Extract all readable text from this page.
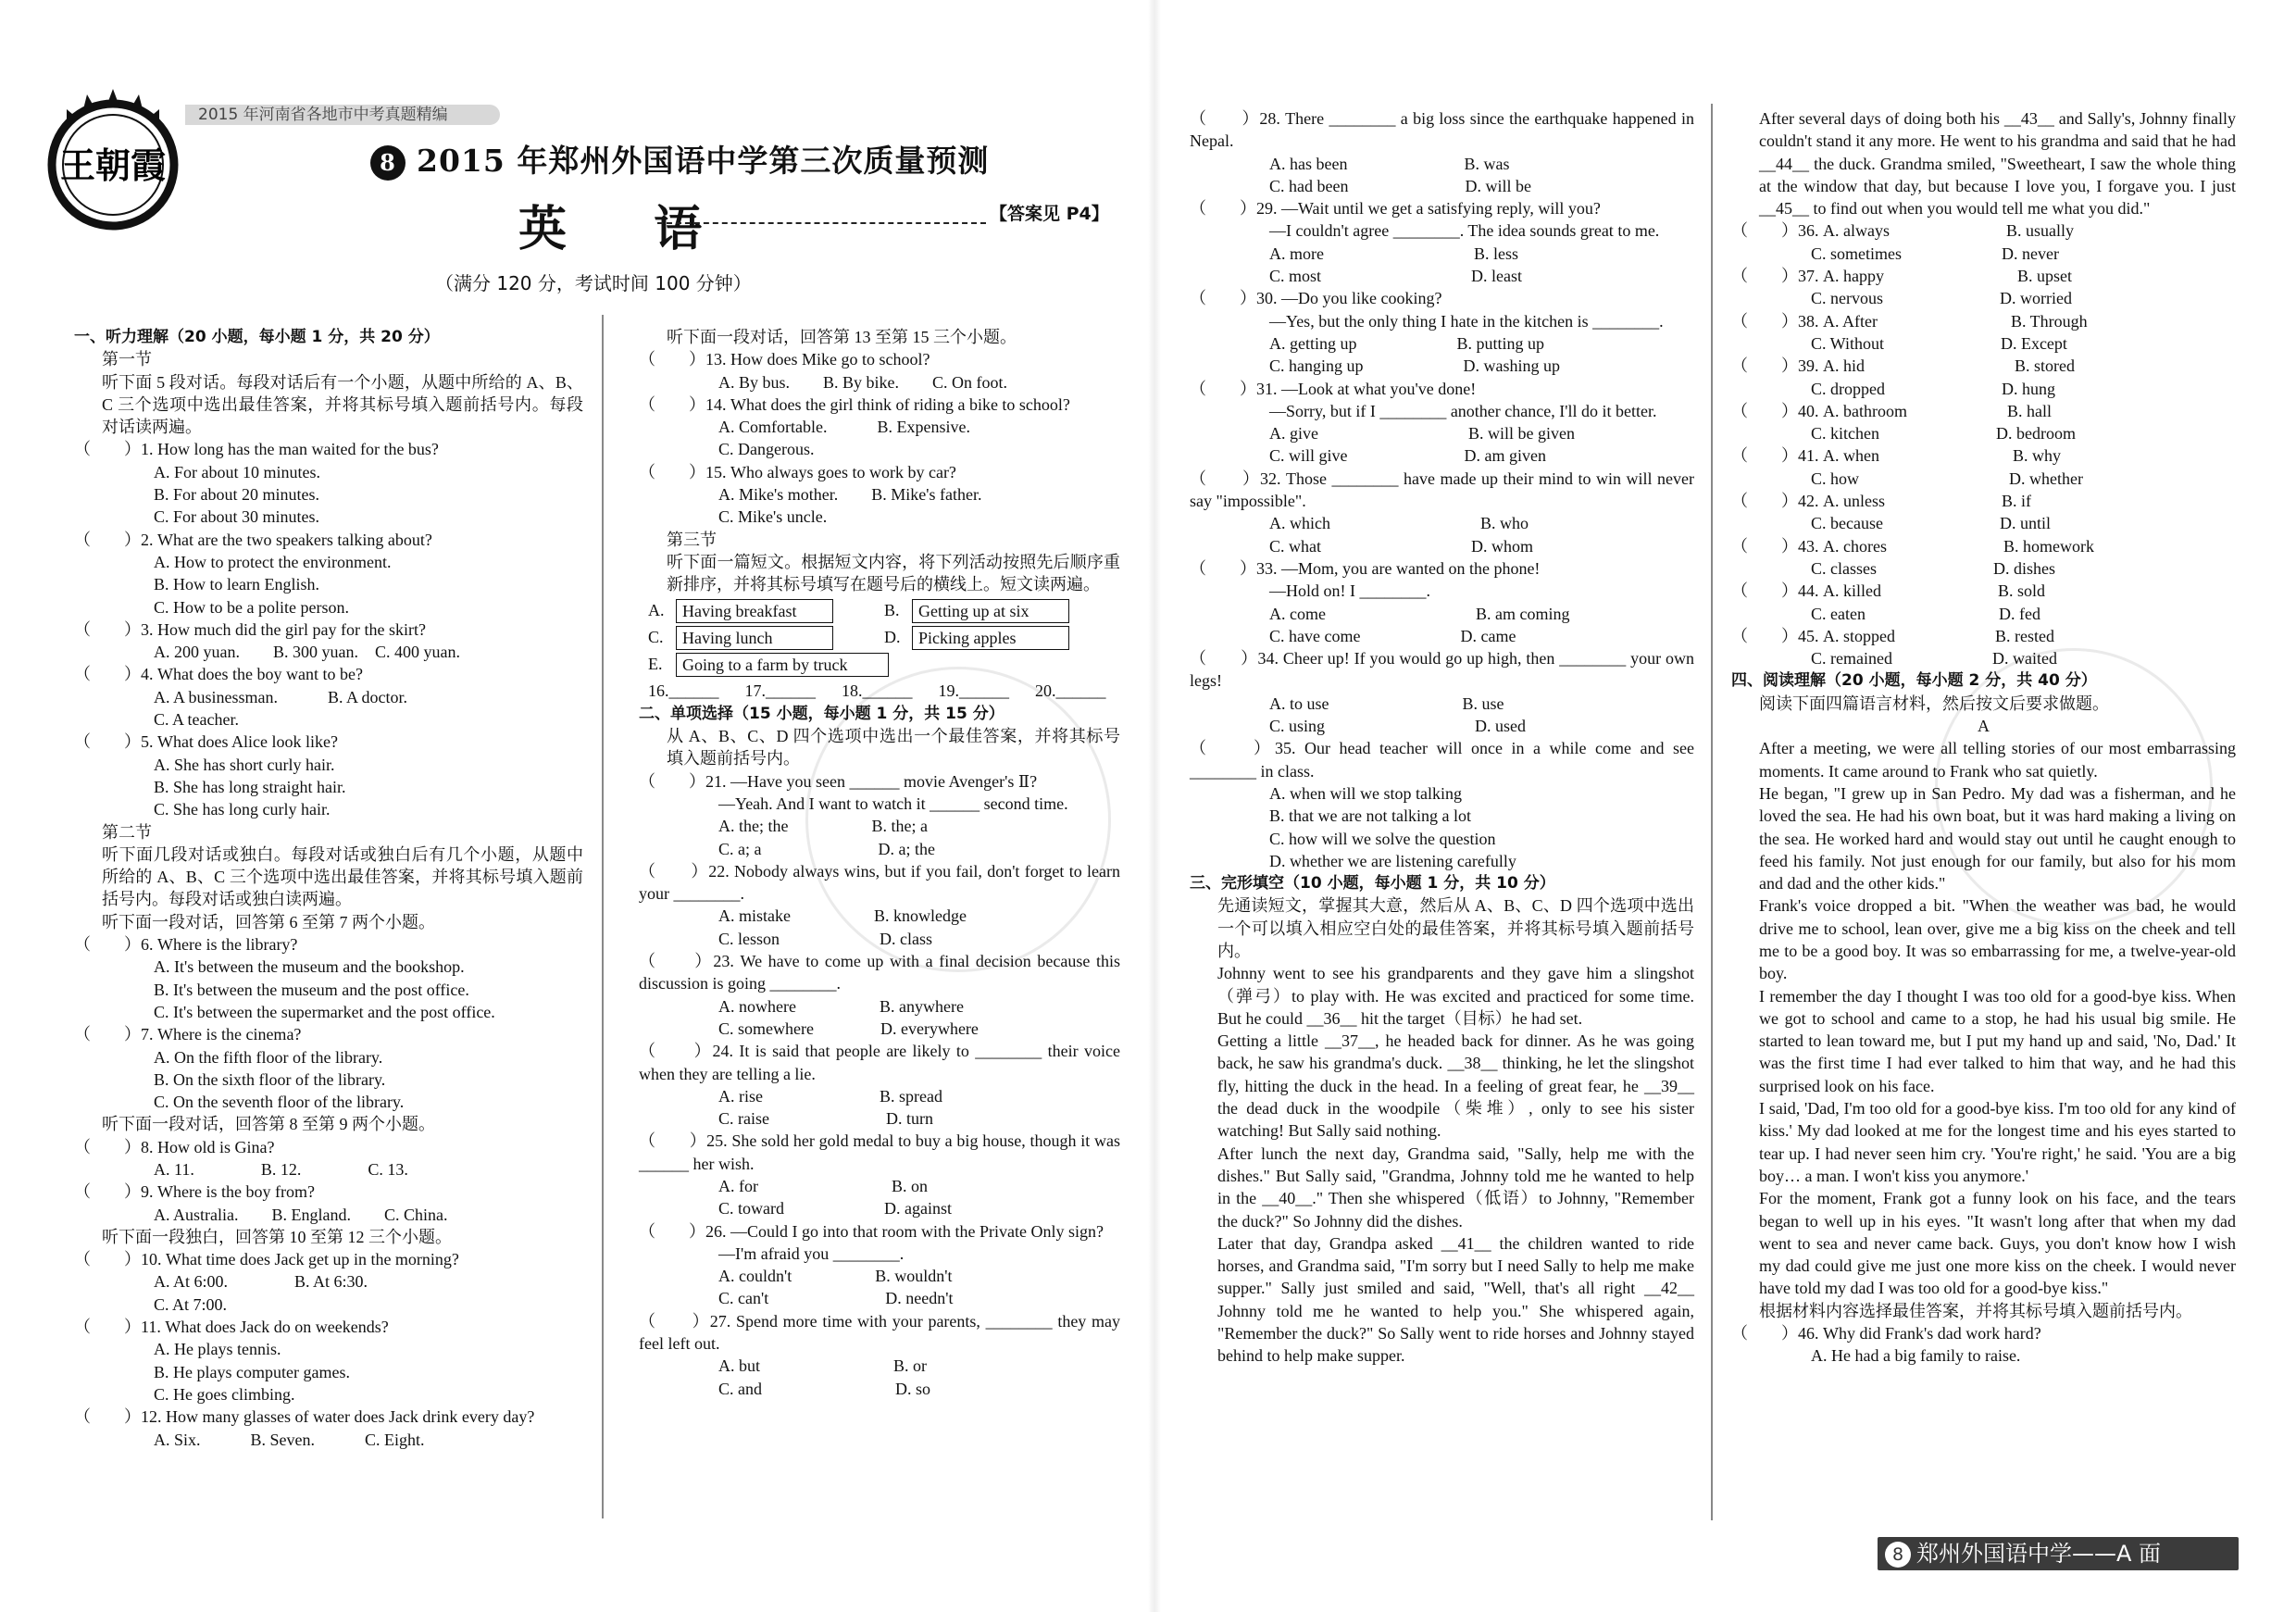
王朝霞
2015 年河南省各地市中考真题精编
8 2015 年郑州外国语中学第三次质量预测
英 语	【答案见 P4】
（满分 120 分，考试时间 100 分钟）

一、听力理解（20 小题，每小题 1 分，共 20 分）

第一节

听下面 5 段对话。每段对话后有一个小题，从题中所给的 A、B、C 三个选项中选出最佳答案，并将其标号填入题前括号内。每段对话读两遍。

（　　）1. How long has the man waited for the bus?

A. For about 10 minutes.

B. For about 20 minutes.

C. For about 30 minutes.

（　　）2. What are the two speakers talking about?

A. How to protect the environment.

B. How to learn English.

C. How to be a polite person.

（　　）3. How much did the girl pay for the skirt?

A. 200 yuan.　　B. 300 yuan.　C. 400 yuan.

（　　）4. What does the boy want to be?

A. A businessman.　　　B. A doctor.

C. A teacher.

（　　）5. What does Alice look like?

A. She has short curly hair.

B. She has long straight hair.

C. She has long curly hair.

第二节

听下面几段对话或独白。每段对话或独白后有几个小题，从题中所给的 A、B、C 三个选项中选出最佳答案，并将其标号填入题前括号内。每段对话或独白读两遍。

听下面一段对话，回答第 6 至第 7 两个小题。

（　　）6. Where is the library?

A. It's between the museum and the bookshop.

B. It's between the museum and the post office.

C. It's between the supermarket and the post office.

（　　）7. Where is the cinema?

A. On the fifth floor of the library.

B. On the sixth floor of the library.

C. On the seventh floor of the library.

听下面一段对话，回答第 8 至第 9 两个小题。

（　　）8. How old is Gina?

A. 11.　　　　B. 12.　　　　C. 13.

（　　）9. Where is the boy from?

A. Australia.　　B. England.　　C. China.

听下面一段独白，回答第 10 至第 12 三个小题。

（　　）10. What time does Jack get up in the morning?

A. At 6:00.　　　　B. At 6:30.

C. At 7:00.

（　　）11. What does Jack do on weekends?

A. He plays tennis.

B. He plays computer games.

C. He goes climbing.

（　　）12. How many glasses of water does Jack drink every day?

A. Six.　　　B. Seven.　　　C. Eight.

听下面一段对话，回答第 13 至第 15 三个小题。

（　　）13. How does Mike go to school?

A. By bus.　　B. By bike.　　C. On foot.

（　　）14. What does the girl think of riding a bike to school?

A. Comfortable.　　　B. Expensive.

C. Dangerous.

（　　）15. Who always goes to work by car?

A. Mike's mother.　　B. Mike's father.

C. Mike's uncle.

第三节

听下面一篇短文。根据短文内容，将下列活动按照先后顺序重新排序，并将其标号填写在题号后的横线上。短文读两遍。

A.	Having breakfast	B.	Getting up at six
C.	Having lunch	D.	Picking apples
E.	Going to a farm by truck
16.______ 17.______ 18.______ 19.______ 20.______

二、单项选择（15 小题，每小题 1 分，共 15 分）

从 A、B、C、D 四个选项中选出一个最佳答案，并将其标号填入题前括号内。

（　　）21. —Have you seen ______ movie Avenger's Ⅱ?

—Yeah. And I want to watch it ______ second time.

A. the; the　　　　　B. the; a

C. a; a　　　　　　　D. a; the

（　　）22. Nobody always wins, but if you fail, don't forget to learn your ________.

A. mistake　　　　　B. knowledge

C. lesson　　　　　　D. class

（　　）23. We have to come up with a final decision because this discussion is going ________.

A. nowhere　　　　　B. anywhere

C. somewhere　　　　D. everywhere

（　　）24. It is said that people are likely to ________ their voice when they are telling a lie.

A. rise　　　　　　　B. spread

C. raise　　　　　　　D. turn

（　　）25. She sold her gold medal to buy a big house, though it was ______ her wish.

A. for　　　　　　　　B. on

C. toward　　　　　　D. against

（　　）26. —Could I go into that room with the Private Only sign?

—I'm afraid you ________.

A. couldn't　　　　　B. wouldn't

C. can't　　　　　　　D. needn't

（　　）27. Spend more time with your parents, ________ they may feel left out.

A. but　　　　　　　　B. or

C. and　　　　　　　　D. so

（　　）28. There ________ a big loss since the earthquake happened in Nepal.

A. has been　　　　　　　B. was

C. had been　　　　　　　D. will be

（　　）29. —Wait until we get a satisfying reply, will you?

—I couldn't agree ________. The idea sounds great to me.

A. more　　　　　　　　　B. less

C. most　　　　　　　　　D. least

（　　）30. —Do you like cooking?

—Yes, but the only thing I hate in the kitchen is ________.

A. getting up　　　　　　B. putting up

C. hanging up　　　　　　D. washing up

（　　）31. —Look at what you've done!

—Sorry, but if I ________ another chance, I'll do it better.

A. give　　　　　　　　　B. will be given

C. will give　　　　　　　D. am given

（　　）32. Those ________ have made up their mind to win will never say "impossible".

A. which　　　　　　　　　B. who

C. what　　　　　　　　　D. whom

（　　）33. —Mom, you are wanted on the phone!

—Hold on! I ________.

A. come　　　　　　　　　B. am coming

C. have come　　　　　　D. came

（　　）34. Cheer up! If you would go up high, then ________ your own legs!

A. to use　　　　　　　　B. use

C. using　　　　　　　　　D. used

（　　）35. Our head teacher will once in a while come and see ________ in class.

A. when will we stop talking

B. that we are not talking a lot

C. how will we solve the question

D. whether we are listening carefully

三、完形填空（10 小题，每小题 1 分，共 10 分）

先通读短文，掌握其大意，然后从 A、B、C、D 四个选项中选出一个可以填入相应空白处的最佳答案，并将其标号填入题前括号内。

Johnny went to see his grandparents and they gave him a slingshot（弹弓）to play with. He was excited and practiced for some time. But he could __36__ hit the target（目标）he had set.

Getting a little __37__, he headed back for dinner. As he was going back, he saw his grandma's duck. __38__ thinking, he let the slingshot fly, hitting the duck in the head. In a feeling of great fear, he __39__ the dead duck in the woodpile（柴堆）, only to see his sister watching! But Sally said nothing.

After lunch the next day, Grandma said, "Sally, help me with the dishes." But Sally said, "Grandma, Johnny told me he wanted to help in the __40__." Then she whispered（低语）to Johnny, "Remember the duck?" So Johnny did the dishes.

Later that day, Grandpa asked __41__ the children wanted to ride horses, and Grandma said, "I'm sorry but I need Sally to help me make supper." Sally just smiled and said, "Well, that's all right __42__ Johnny told me he wanted to help you." She whispered again, "Remember the duck?" So Sally went to ride horses and Johnny stayed behind to help make supper.

After several days of doing both his __43__ and Sally's, Johnny finally couldn't stand it any more. He went to his grandma and said that he had __44__ the duck. Grandma smiled, "Sweetheart, I saw the whole thing at the window that day, but because I love you, I forgave you. I just __45__ to find out when you would tell me what you did."

（　　）36. A. always　　　　　　　B. usually

C. sometimes　　　　　　D. never

（　　）37. A. happy　　　　　　　　B. upset

C. nervous　　　　　　　D. worried

（　　）38. A. After　　　　　　　　B. Through

C. Without　　　　　　　D. Except

（　　）39. A. hid　　　　　　　　　B. stored

C. dropped　　　　　　　D. hung

（　　）40. A. bathroom　　　　　　B. hall

C. kitchen　　　　　　　D. bedroom

（　　）41. A. when　　　　　　　　B. why

C. how　　　　　　　　　D. whether

（　　）42. A. unless　　　　　　　B. if

C. because　　　　　　　D. until

（　　）43. A. chores　　　　　　　B. homework

C. classes　　　　　　　D. dishes

（　　）44. A. killed　　　　　　　B. sold

C. eaten　　　　　　　　D. fed

（　　）45. A. stopped　　　　　　B. rested

C. remained　　　　　　D. waited

四、阅读理解（20 小题，每小题 2 分，共 40 分）

阅读下面四篇语言材料，然后按文后要求做题。

A

After a meeting, we were all telling stories of our most embarrassing moments. It came around to Frank who sat quietly.

He began, "I grew up in San Pedro. My dad was a fisherman, and he loved the sea. He had his own boat, but it was hard making a living on the sea. He worked hard and would stay out until he caught enough to feed his family. Not just enough for our family, but also for his mom and dad and the other kids."

Frank's voice dropped a bit. "When the weather was bad, he would drive me to school, lean over, give me a big kiss on the cheek and tell me to be a good boy. It was so embarrassing for me, a twelve-year-old boy.

I remember the day I thought I was too old for a good-bye kiss. When we got to school and came to a stop, he had his usual big smile. He started to lean toward me, but I put my hand up and said, 'No, Dad.' It was the first time I had ever talked to him that way, and he had this surprised look on his face.

I said, 'Dad, I'm too old for a good-bye kiss. I'm too old for any kind of kiss.' My dad looked at me for the longest time and his eyes started to tear up. I had never seen him cry. 'You're right,' he said. 'You are a big boy… a man. I won't kiss you anymore.'

For the moment, Frank got a funny look on his face, and the tears began to well up in his eyes. "It wasn't long after that when my dad went to sea and never came back. Guys, you don't know how I wish my dad could give me just one more kiss on the cheek. I would never have told my dad I was too old for a good-bye kiss."

根据材料内容选择最佳答案，并将其标号填入题前括号内。

（　　）46. Why did Frank's dad work hard?

A. He had a big family to raise.

8 郑州外国语中学——A 面
